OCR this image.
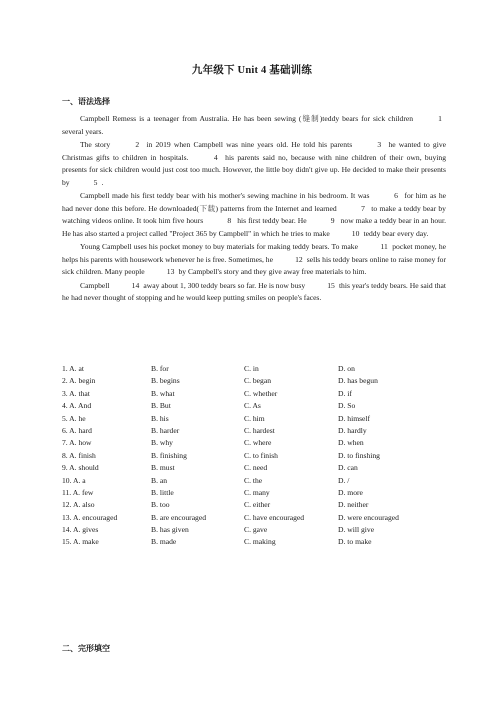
九年级下 Unit 4 基础训练
一、语法选择

Campbell Remess is a teenager from Australia. He has been sewing (缝制)teddy bears for sick children	1 several years.

The story	2 in 2019 when Campbell was nine years old. He told his parents	3 he wanted to give Christmas gifts to children in hospitals.	4 his parents said no, because with nine children of their own, buying presents for sick children would just cost too much. However, the little boy didn't give up. He decided to make their presents by	5 .

Campbell made his first teddy bear with his mother's sewing machine in his bedroom. It was	6 for him as he had never done this before. He downloaded(下载) patterns from the Internet and learned	7 to make a teddy bear by watching videos online. It took him five hours	8 his first teddy bear. He	9 now make a teddy bear in an hour. He has also started a project called "Project 365 by Campbell" in which he tries to make	10 teddy bear every day.

Young Campbell uses his pocket money to buy materials for making teddy bears. To make	11 pocket money, he helps his parents with housework whenever he is free. Sometimes, he	12 sells his teddy bears online to raise money for sick children. Many people	13 by Campbell's story and they give away free materials to him.

Campbell	14 away about 1, 300 teddy bears so far. He is now busy	15 this year's teddy bears. He said that he had never thought of stopping and he would keep putting smiles on people's faces.

1. A. at	B. for	C. in	D. on
2. A. begin	B. begins	C. began	D. has begun
3. A. that	B. what	C. whether	D. if
4. A. And	B. But	C. As	D. So
5. A. he	B. his	C. him	D. himself
6. A. hard	B. harder	C. hardest	D. hardly
7. A. how	B. why	C. where	D. when
8. A. finish	B. finishing	C. to finish	D. to finshing
9. A. should	B. must	C. need	D. can
10. A. a	B. an	C. the	D. /
11. A. few	B. little	C. many	D. more
12. A. also	B. too	C. either	D. neither
13. A. encouraged	B. are encouraged	C. have encouraged	D. were encouraged
14. A. gives	B. has given	C. gave	D. will give
15. A. make	B. made	C. making	D. to make
二、完形填空
